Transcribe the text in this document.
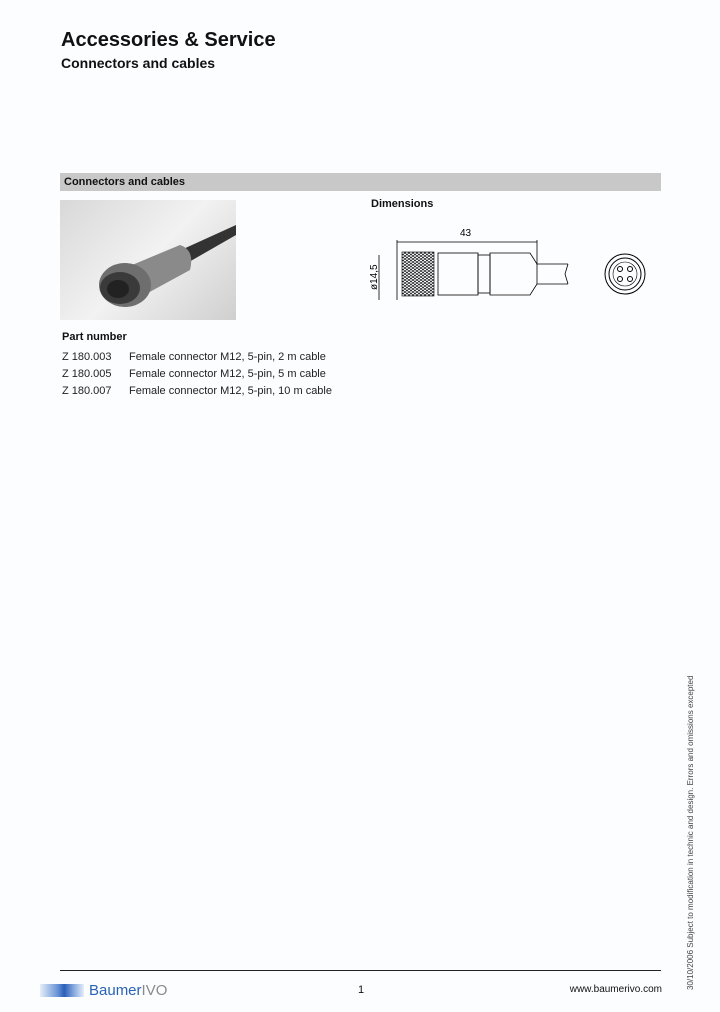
Accessories & Service
Connectors and cables
Connectors and cables
Dimensions
43
ø14,5
Part number
Z 180.003 Female connector M12, 5-pin, 2 m cable
Z 180.005 Female connector M12, 5-pin, 5 m cable
Z 180.007 Female connector M12, 5-pin, 10 m cable
30/10/2006 Subject to modification in technic and design. Errors and omissions excepted
Baumer IVO	1	www.baumerivo.com
